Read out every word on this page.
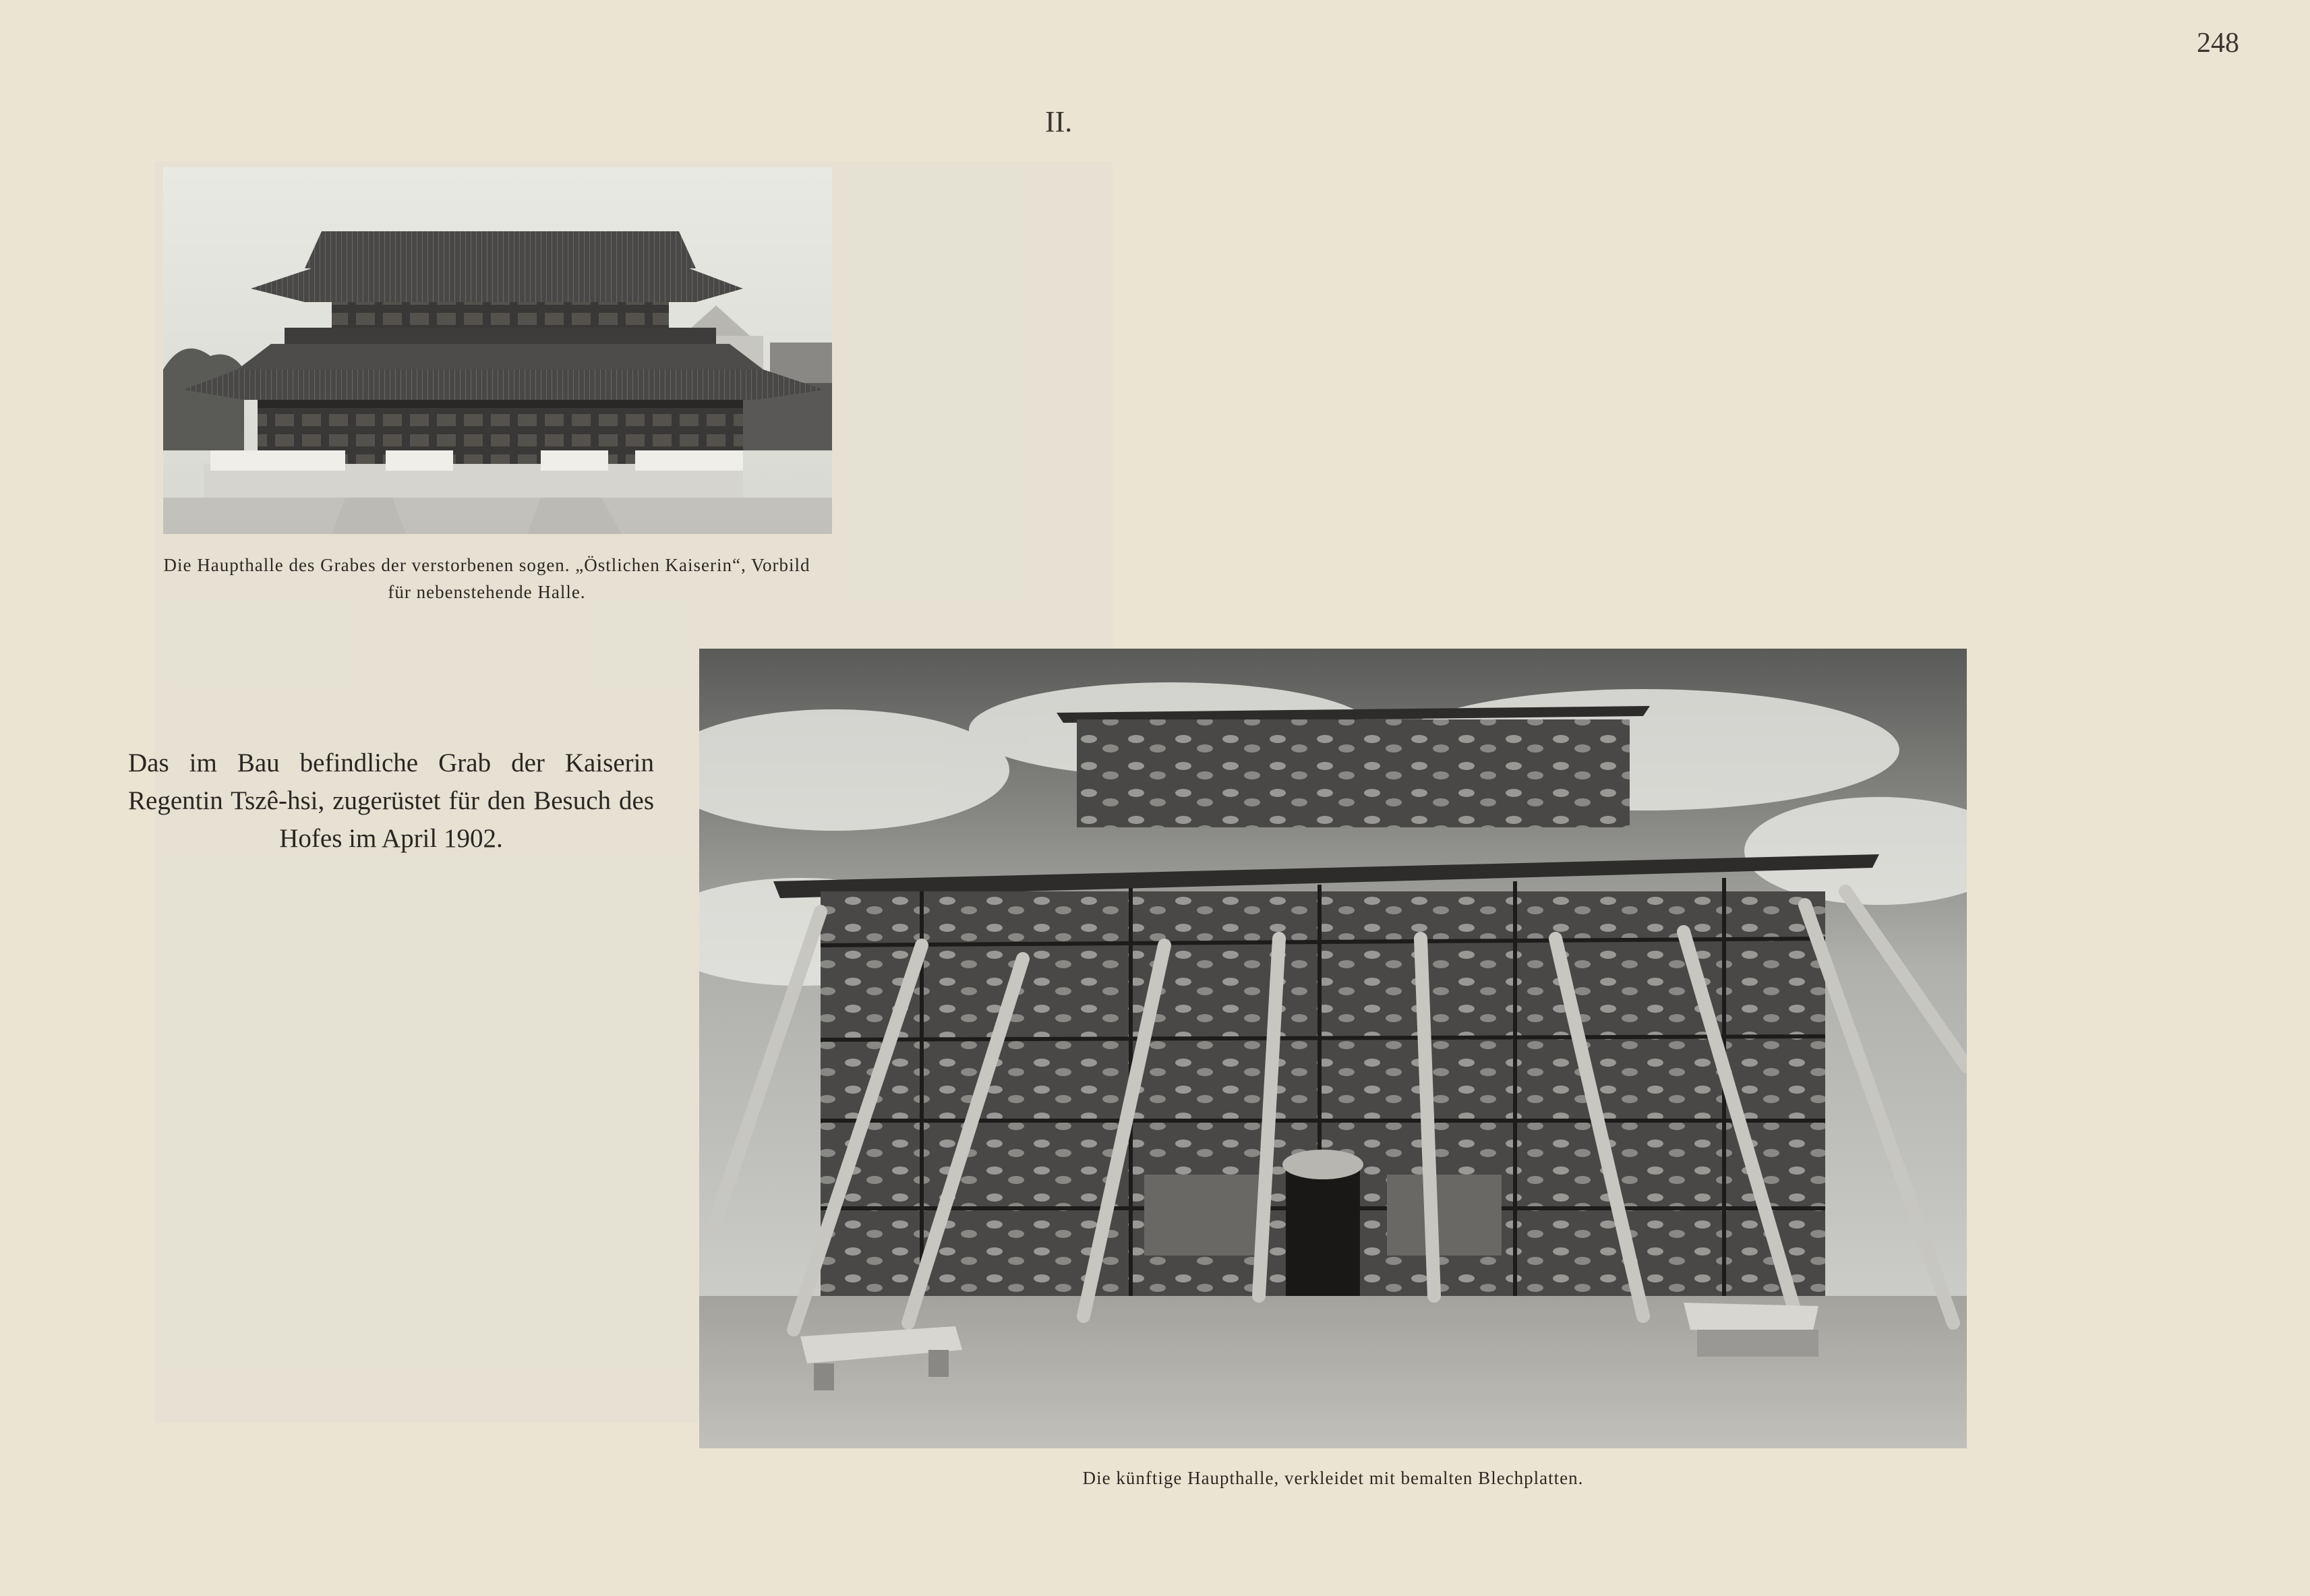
248
II.
Die Haupthalle des Grabes der verstorbenen sogen. „Östlichen Kaiserin“, Vorbild für nebenstehende Halle.
Das im Bau befindliche Grab der Kaiserin Regentin Tszê-hsi, zugerüstet für den Besuch des Hofes im April 1902.
Die künftige Haupthalle, verkleidet mit bemalten Blechplatten.
